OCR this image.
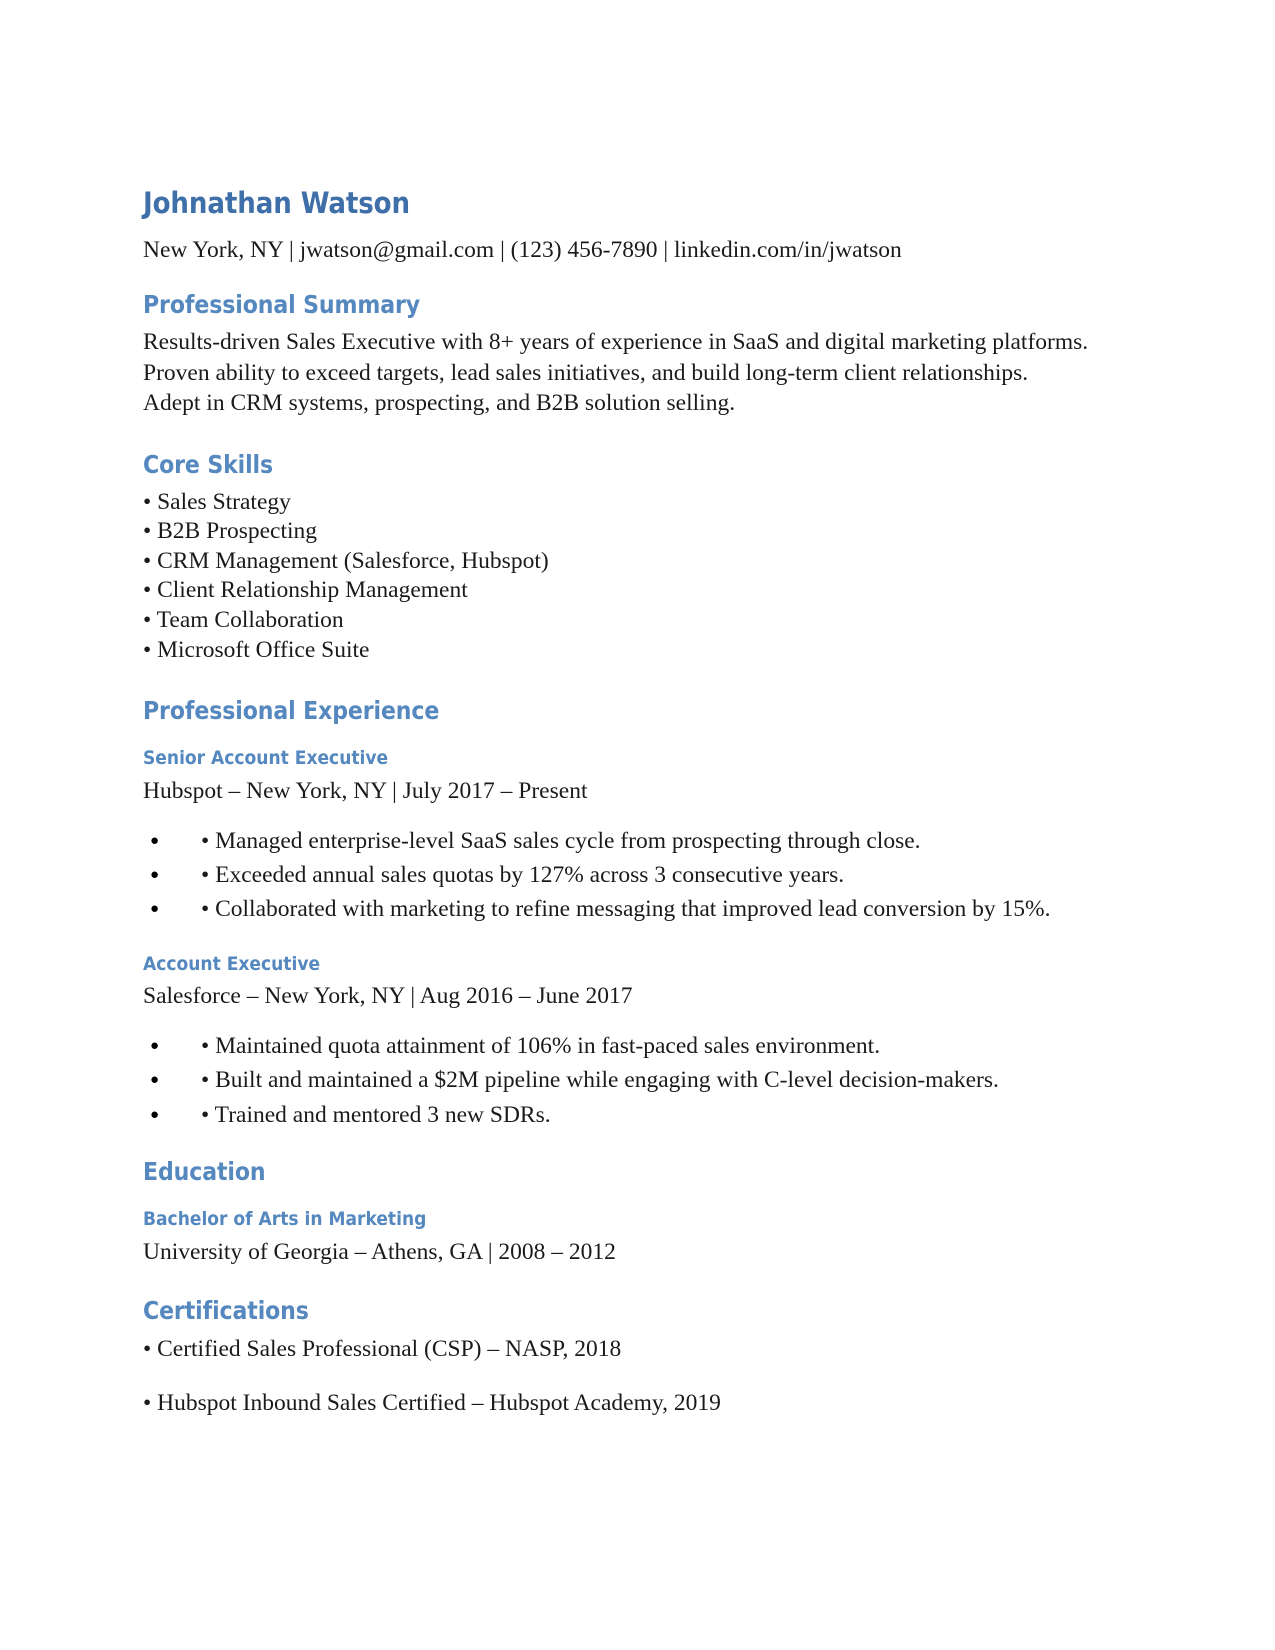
Johnathan Watson
New York, NY | jwatson@gmail.com | (123) 456-7890 | linkedin.com/in/jwatson
Professional Summary

Results-driven Sales Executive with 8+ years of experience in SaaS and digital marketing platforms.

Proven ability to exceed targets, lead sales initiatives, and build long-term client relationships.

Adept in CRM systems, prospecting, and B2B solution selling.

Core Skills

• Sales Strategy

• B2B Prospecting

• CRM Management (Salesforce, Hubspot)

• Client Relationship Management

• Team Collaboration

• Microsoft Office Suite

Professional Experience
Senior Account Executive
Hubspot – New York, NY | July 2017 – Present
● • Managed enterprise-level SaaS sales cycle from prospecting through close.
● • Exceeded annual sales quotas by 127% across 3 consecutive years.
● • Collaborated with marketing to refine messaging that improved lead conversion by 15%.
Account Executive
Salesforce – New York, NY | Aug 2016 – June 2017
● • Maintained quota attainment of 106% in fast-paced sales environment.
● • Built and maintained a $2M pipeline while engaging with C-level decision-makers.
● • Trained and mentored 3 new SDRs.
Education
Bachelor of Arts in Marketing
University of Georgia – Athens, GA | 2008 – 2012
Certifications

• Certified Sales Professional (CSP) – NASP, 2018

• Hubspot Inbound Sales Certified – Hubspot Academy, 2019
